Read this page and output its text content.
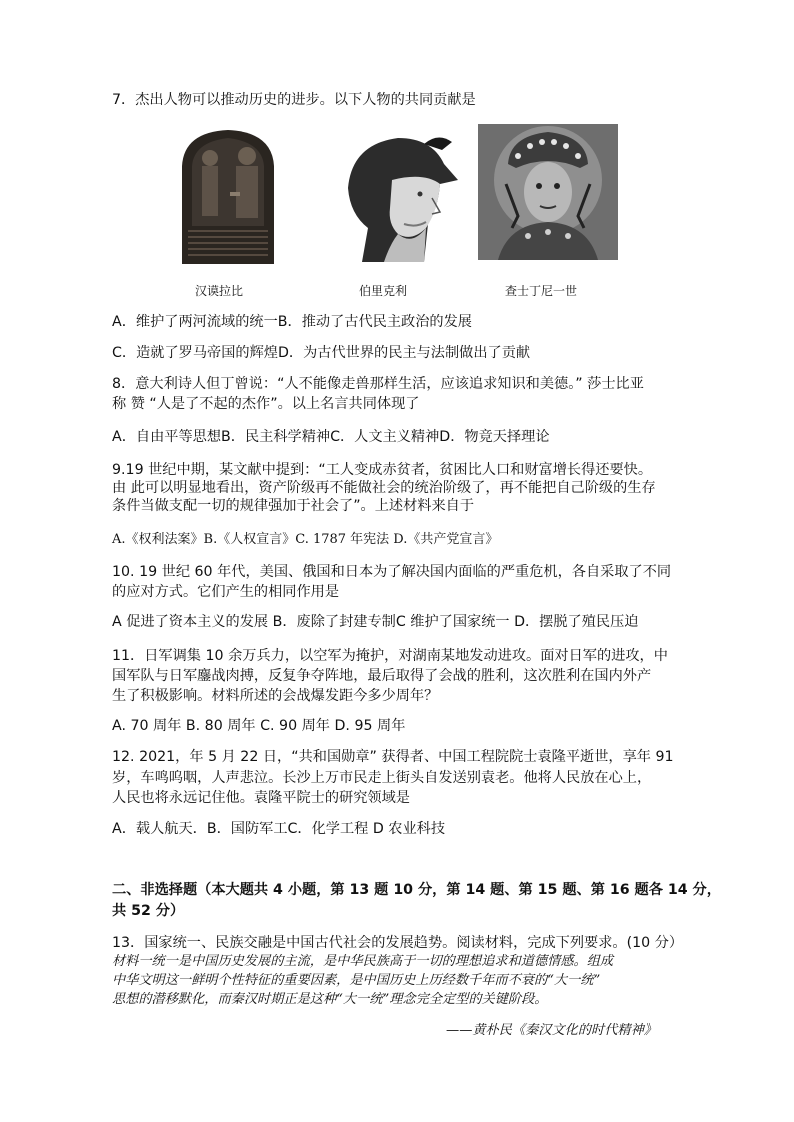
7．杰出人物可以推动历史的进步。以下人物的共同贡献是
汉谟拉比	伯里克利	查士丁尼一世
A．维护了两河流域的统一B．推动了古代民主政治的发展
C．造就了罗马帝国的辉煌D．为古代世界的民主与法制做出了贡献
8．意大利诗人但丁曾说：“人不能像走兽那样生活，应该追求知识和美德。” 莎士比亚
称 赞 “人是了不起的杰作”。以上名言共同体现了
A．自由平等思想B．民主科学精神C．人文主义精神D．物竞天择理论
9.19 世纪中期，某文献中提到：“工人变成赤贫者，贫困比人口和财富增长得还要快。
由 此可以明显地看出，资产阶级再不能做社会的统治阶级了，再不能把自己阶级的生存
条件当做支配一切的规律强加于社会了”。上述材料来自于
A.《权利法案》B.《人权宣言》C. 1787 年宪法 D.《共产党宣言》
10. 19 世纪 60 年代，美国、俄国和日本为了解决国内面临的严重危机，各自采取了不同
的应对方式。它们产生的相同作用是
A 促进了资本主义的发展 B．废除了封建专制C 维护了国家统一 D．摆脱了殖民压迫
11．日军调集 10 余万兵力，以空军为掩护，对湖南某地发动进攻。面对日军的进攻，中
国军队与日军鏖战肉搏，反复争夺阵地，最后取得了会战的胜利，这次胜利在国内外产
生了积极影响。材料所述的会战爆发距今多少周年？
A. 70 周年 B. 80 周年 C. 90 周年 D. 95 周年
12. 2021，年 5 月 22 日，“共和国勋章” 获得者、中国工程院院士袁隆平逝世，享年 91
岁，车鸣呜咽，人声悲泣。长沙上万市民走上街头自发送别袁老。他将人民放在心上，
人民也将永远记住他。袁隆平院士的研究领域是
A．载人航天．B．国防军工C．化学工程 D 农业科技
二、非选择题（本大题共 4 小题，第 13 题 10 分，第 14 题、第 15 题、第 16 题各 14 分，
共 52 分）
13．国家统一、民族交融是中国古代社会的发展趋势。阅读材料，完成下列要求。(10 分）
材料一统一是中国历史发展的主流，是中华民族高于一切的理想追求和道德情感。组成
中华文明这一鲜明个性特征的重要因素，是中国历史上历经数千年而不衰的“大一统”
思想的潜移默化，而秦汉时期正是这种“大一统”理念完全定型的关键阶段。
——黄朴民《秦汉文化的时代精神》
